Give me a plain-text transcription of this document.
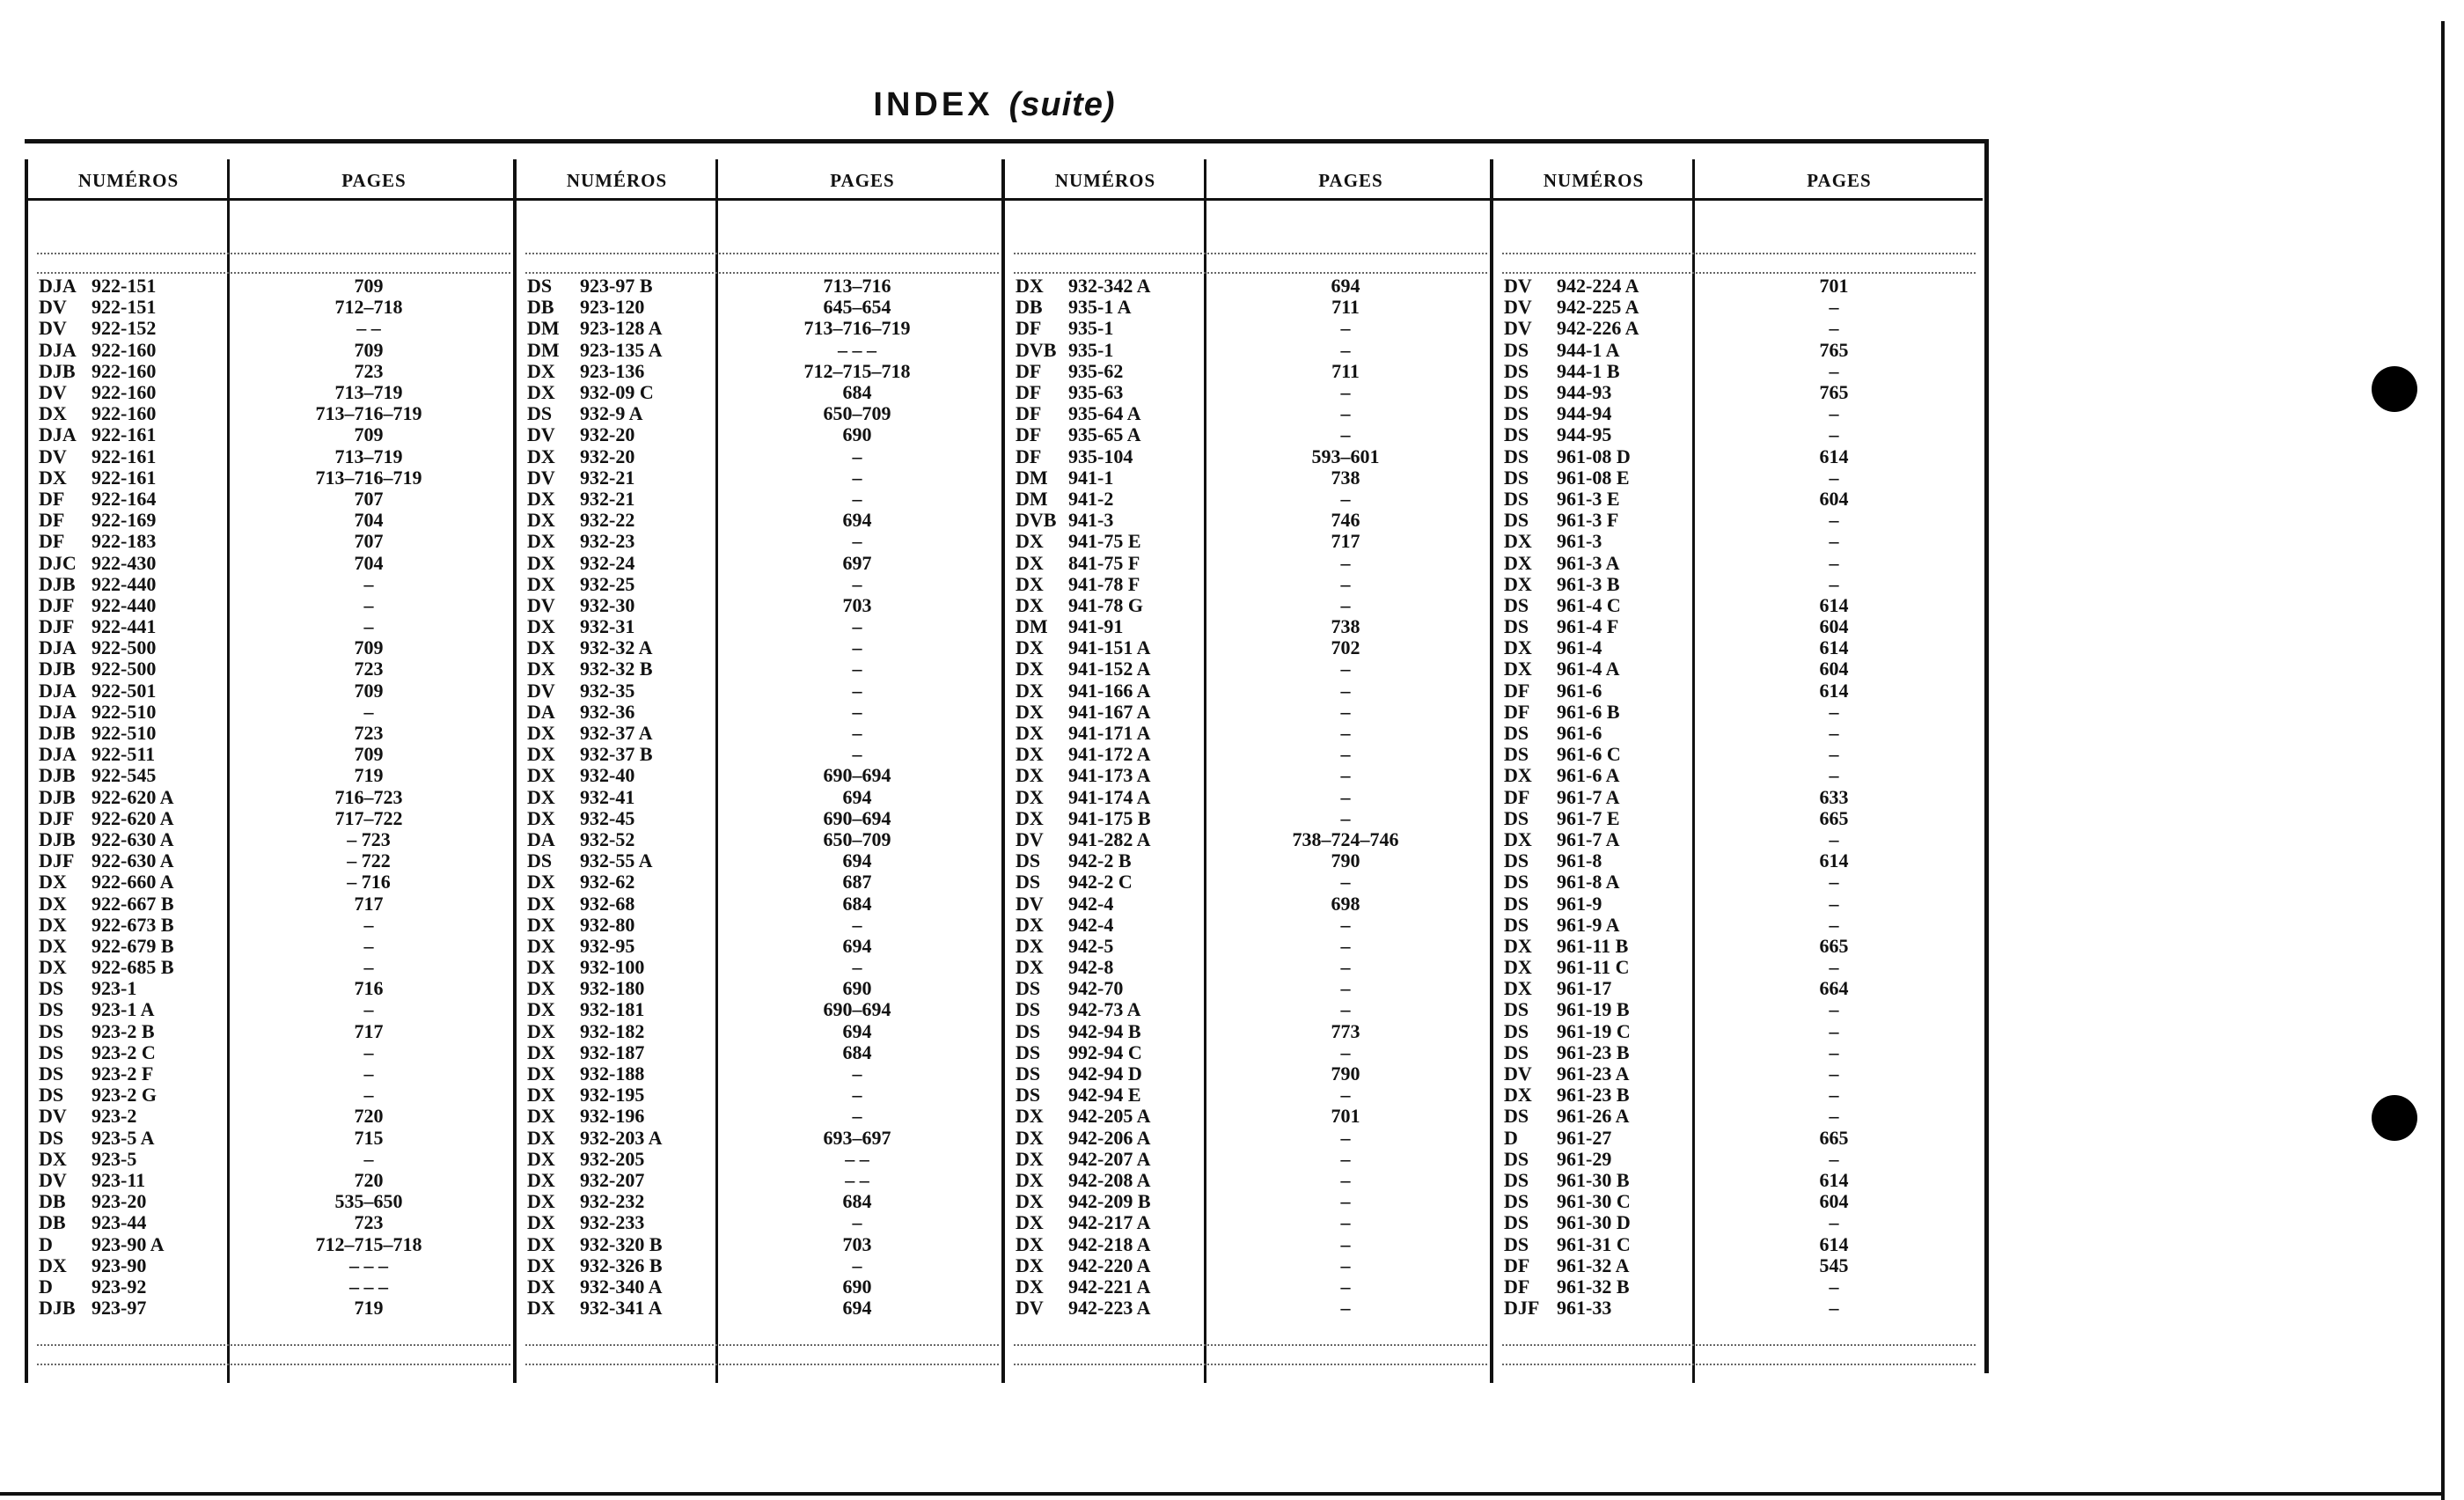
INDEX (suite)
NUMÉROS	PAGES
DJA 922-151	709
DV	922-151	712–718
DV	922-152	– –
DJA 922-160	709
DJB 922-160	723
DV	922-160	713–719
DX	922-160	713–716–719
DJA 922-161	709
DV	922-161	713–719
DX	922-161	713–716–719
DF	922-164	707
DF	922-169	704
DF	922-183	707
DJC 922-430	704
DJB 922-440	–
DJF 922-440	–
DJF 922-441	–
DJA 922-500	709
DJB 922-500	723
DJA 922-501	709
DJA 922-510	–
DJB 922-510	723
DJA 922-511	709
DJB 922-545	719
DJB 922-620 A	716–723
DJF 922-620 A	717–722
DJB 922-630 A	– 723
DJF 922-630 A	– 722
DX	922-660 A	– 716
DX	922-667 B	717
DX	922-673 B	–
DX	922-679 B	–
DX	922-685 B	–
DS	923-1	716
DS	923-1 A	–
DS	923-2 B	717
DS	923-2 C	–
DS	923-2 F	–
DS	923-2 G	–
DV	923-2	720
DS	923-5 A	715
DX	923-5	–
DV	923-11	720
DB	923-20	535–650
DB	923-44	723
D	923-90 A	712–715–718
DX	923-90	– – –
D	923-92	– – –
DJB 923-97	719
NUMÉROS	PAGES
DS	923-97 B	713–716
DB	923-120	645–654
DM	923-128 A	713–716–719
DM	923-135 A	– – –
DX	923-136	712–715–718
DX	932-09 C	684
DS	932-9 A	650–709
DV	932-20	690
DX	932-20	–
DV	932-21	–
DX	932-21	–
DX	932-22	694
DX	932-23	–
DX	932-24	697
DX	932-25	–
DV	932-30	703
DX	932-31	–
DX	932-32 A	–
DX	932-32 B	–
DV	932-35	–
DA	932-36	–
DX	932-37 A	–
DX	932-37 B	–
DX	932-40	690–694
DX	932-41	694
DX	932-45	690–694
DA	932-52	650–709
DS	932-55 A	694
DX	932-62	687
DX	932-68	684
DX	932-80	–
DX	932-95	694
DX	932-100	–
DX	932-180	690
DX	932-181	690–694
DX	932-182	694
DX	932-187	684
DX	932-188	–
DX	932-195	–
DX	932-196	–
DX	932-203 A	693–697
DX	932-205	– –
DX	932-207	– –
DX	932-232	684
DX	932-233	–
DX	932-320 B	703
DX	932-326 B	–
DX	932-340 A	690
DX	932-341 A	694
NUMÉROS	PAGES
DX	932-342 A	694
DB	935-1 A	711
DF	935-1	–
DVB 935-1	–
DF	935-62	711
DF	935-63	–
DF	935-64 A	–
DF	935-65 A	–
DF	935-104	593–601
DM	941-1	738
DM	941-2	–
DVB 941-3	746
DX	941-75 E	717
DX	841-75 F	–
DX	941-78 F	–
DX	941-78 G	–
DM	941-91	738
DX	941-151 A	702
DX	941-152 A	–
DX	941-166 A	–
DX	941-167 A	–
DX	941-171 A	–
DX	941-172 A	–
DX	941-173 A	–
DX	941-174 A	–
DX	941-175 B	–
DV	941-282 A	738–724–746
DS	942-2 B	790
DS	942-2 C	–
DV	942-4	698
DX	942-4	–
DX	942-5	–
DX	942-8	–
DS	942-70	–
DS	942-73 A	–
DS	942-94 B	773
DS	992-94 C	–
DS	942-94 D	790
DS	942-94 E	–
DX	942-205 A	701
DX	942-206 A	–
DX	942-207 A	–
DX	942-208 A	–
DX	942-209 B	–
DX	942-217 A	–
DX	942-218 A	–
DX	942-220 A	–
DX	942-221 A	–
DV	942-223 A	–
NUMÉROS	PAGES
DV	942-224 A	701
DV	942-225 A	–
DV	942-226 A	–
DS	944-1 A	765
DS	944-1 B	–
DS	944-93	765
DS	944-94	–
DS	944-95	–
DS	961-08 D	614
DS	961-08 E	–
DS	961-3 E	604
DS	961-3 F	–
DX	961-3	–
DX	961-3 A	–
DX	961-3 B	–
DS	961-4 C	614
DS	961-4 F	604
DX	961-4	614
DX	961-4 A	604
DF	961-6	614
DF	961-6 B	–
DS	961-6	–
DS	961-6 C	–
DX	961-6 A	–
DF	961-7 A	633
DS	961-7 E	665
DX	961-7 A	–
DS	961-8	614
DS	961-8 A	–
DS	961-9	–
DS	961-9 A	–
DX	961-11 B	665
DX	961-11 C	–
DX	961-17	664
DS	961-19 B	–
DS	961-19 C	–
DS	961-23 B	–
DV	961-23 A	–
DX	961-23 B	–
DS	961-26 A	–
D	961-27	665
DS	961-29	–
DS	961-30 B	614
DS	961-30 C	604
DS	961-30 D	–
DS	961-31 C	614
DF	961-32 A	545
DF	961-32 B	–
DJF 961-33	–
